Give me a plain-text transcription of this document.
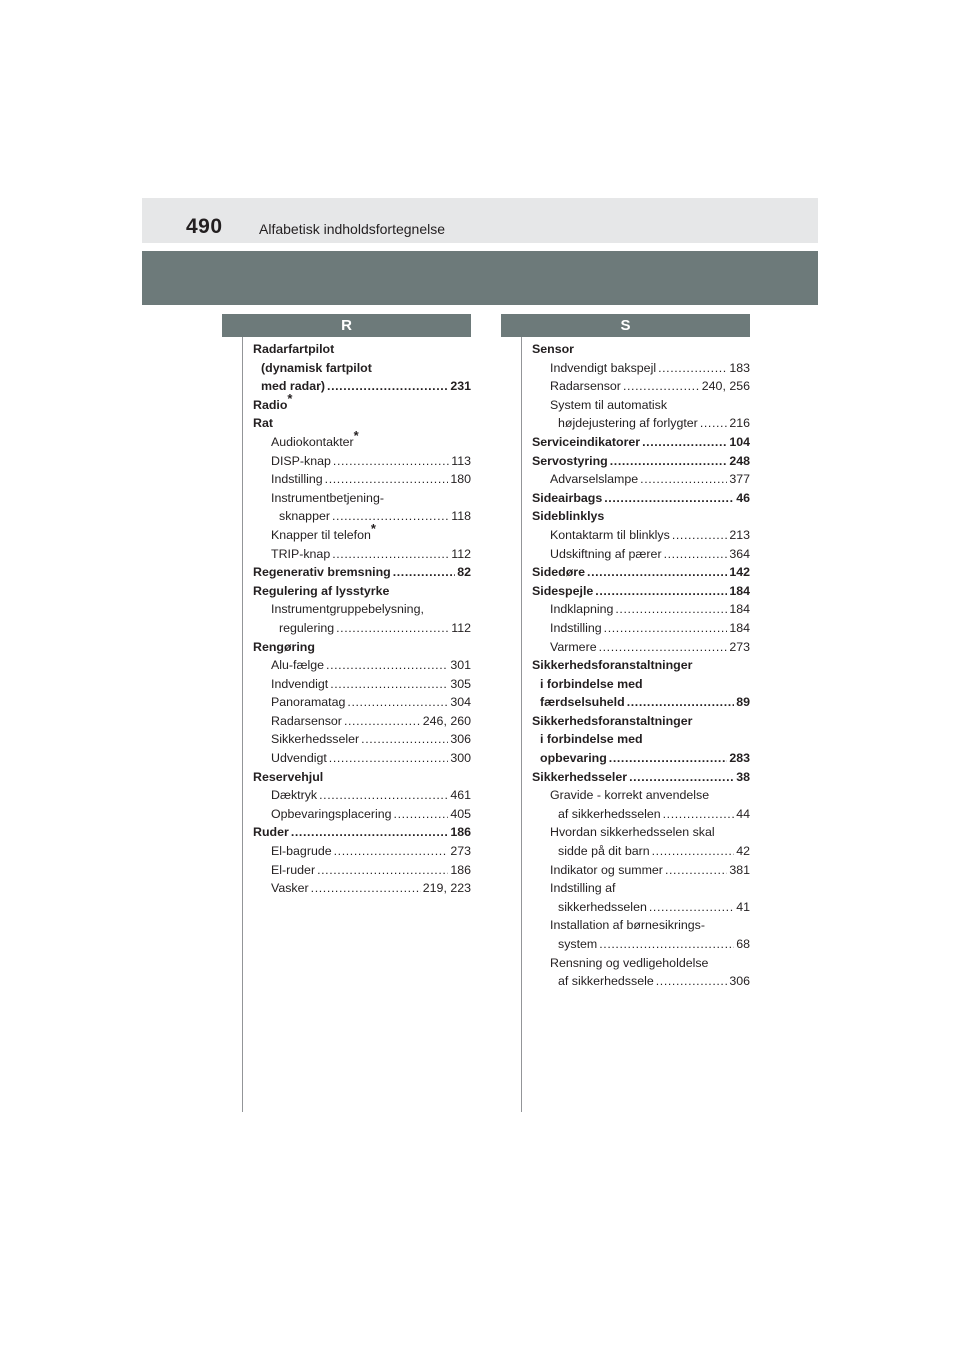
490	Alfabetisk indholdsfortegnelse
R	S
Radarfartpilot
(dynamisk fartpilot
med radar) .....	231
Radio*
Rat
Audiokontakter*
DISP-knap .....	113
Indstilling .....	180
Instrumentbetjening-
sknapper .....	118
Knapper til telefon*
TRIP-knap .....	112
Regenerativ bremsning .....	82
Regulering af lysstyrke
Instrumentgruppebelysning,
regulering .....	112
Rengøring
Alu-fælge .....	301
Indvendigt .....	305
Panoramatag .....	304
Radarsensor .....	246, 260
Sikkerhedsseler .....	306
Udvendigt .....	300
Reservehjul
Dæktryk .....	461
Opbevaringsplacering .....	405
Ruder .....	186
El-bagrude .....	273
El-ruder .....	186
Vasker .....	219, 223
Sensor
Indvendigt bakspejl .....	183
Radarsensor .....	240, 256
System til automatisk
højdejustering af forlygter .....	216
Serviceindikatorer .....	104
Servostyring .....	248
Advarselslampe .....	377
Sideairbags .....	46
Sideblinklys
Kontaktarm til blinklys .....	213
Udskiftning af pærer .....	364
Sidedøre .....	142
Sidespejle .....	184
Indklapning .....	184
Indstilling .....	184
Varmere .....	273
Sikkerhedsforanstaltninger
i forbindelse med
færdselsuheld .....	89
Sikkerhedsforanstaltninger
i forbindelse med
opbevaring .....	283
Sikkerhedsseler .....	38
Gravide - korrekt anvendelse
af sikkerhedsselen .....	44
Hvordan sikkerhedsselen skal
sidde på dit barn .....	42
Indikator og summer .....	381
Indstilling af
sikkerhedsselen .....	41
Installation af børnesikrings-
system .....	68
Rensning og vedligeholdelse
af sikkerhedssele .....	306
